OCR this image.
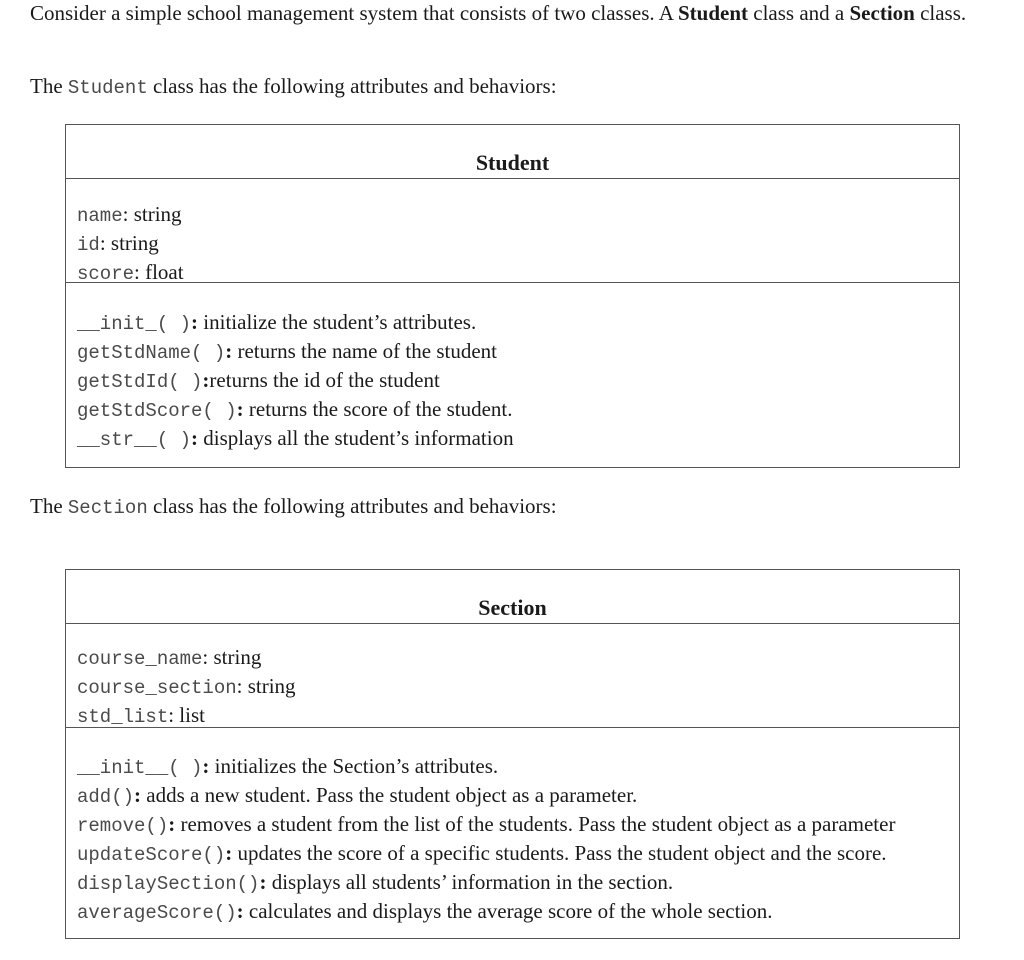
Consider a simple school management system that consists of two classes. A Student class and a Section class.

The Student class has the following attributes and behaviors:

Student
name: string
id: string
score: float
__init_( ): initialize the student’s attributes.
getStdName( ): returns the name of the student
getStdId( ):returns the id of the student
getStdScore( ): returns the score of the student.
__str__( ): displays all the student’s information

The Section class has the following attributes and behaviors:

Section
course_name: string
course_section: string
std_list: list
__init__( ): initializes the Section’s attributes.
add(): adds a new student. Pass the student object as a parameter.
remove(): removes a student from the list of the students. Pass the student object as a parameter
updateScore(): updates the score of a specific students. Pass the student object and the score.
displaySection(): displays all students’ information in the section.
averageScore(): calculates and displays the average score of the whole section.
